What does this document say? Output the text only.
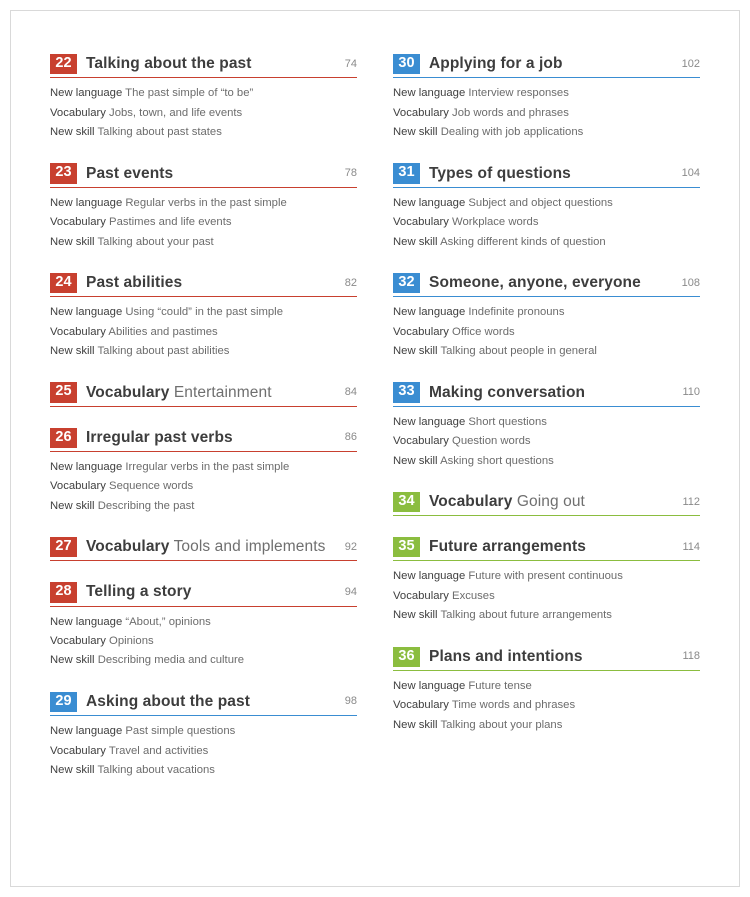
22 Talking about the past	74
New language The past simple of “to be”
Vocabulary Jobs, town, and life events
New skill Talking about past states
23 Past events	78
New language Regular verbs in the past simple
Vocabulary Pastimes and life events
New skill Talking about your past
24 Past abilities	82
New language Using “could” in the past simple
Vocabulary Abilities and pastimes
New skill Talking about past abilities
25 Vocabulary Entertainment	84
26 Irregular past verbs	86
New language Irregular verbs in the past simple
Vocabulary Sequence words
New skill Describing the past
27 Vocabulary Tools and implements	92
28 Telling a story	94
New language “About,” opinions
Vocabulary Opinions
New skill Describing media and culture
29 Asking about the past	98
New language Past simple questions
Vocabulary Travel and activities
New skill Talking about vacations
30 Applying for a job	102
New language Interview responses
Vocabulary Job words and phrases
New skill Dealing with job applications
31 Types of questions	104
New language Subject and object questions
Vocabulary Workplace words
New skill Asking different kinds of question
32 Someone, anyone, everyone	108
New language Indefinite pronouns
Vocabulary Office words
New skill Talking about people in general
33 Making conversation	110
New language Short questions
Vocabulary Question words
New skill Asking short questions
34 Vocabulary Going out	112
35 Future arrangements	114
New language Future with present continuous
Vocabulary Excuses
New skill Talking about future arrangements
36 Plans and intentions	118
New language Future tense
Vocabulary Time words and phrases
New skill Talking about your plans
